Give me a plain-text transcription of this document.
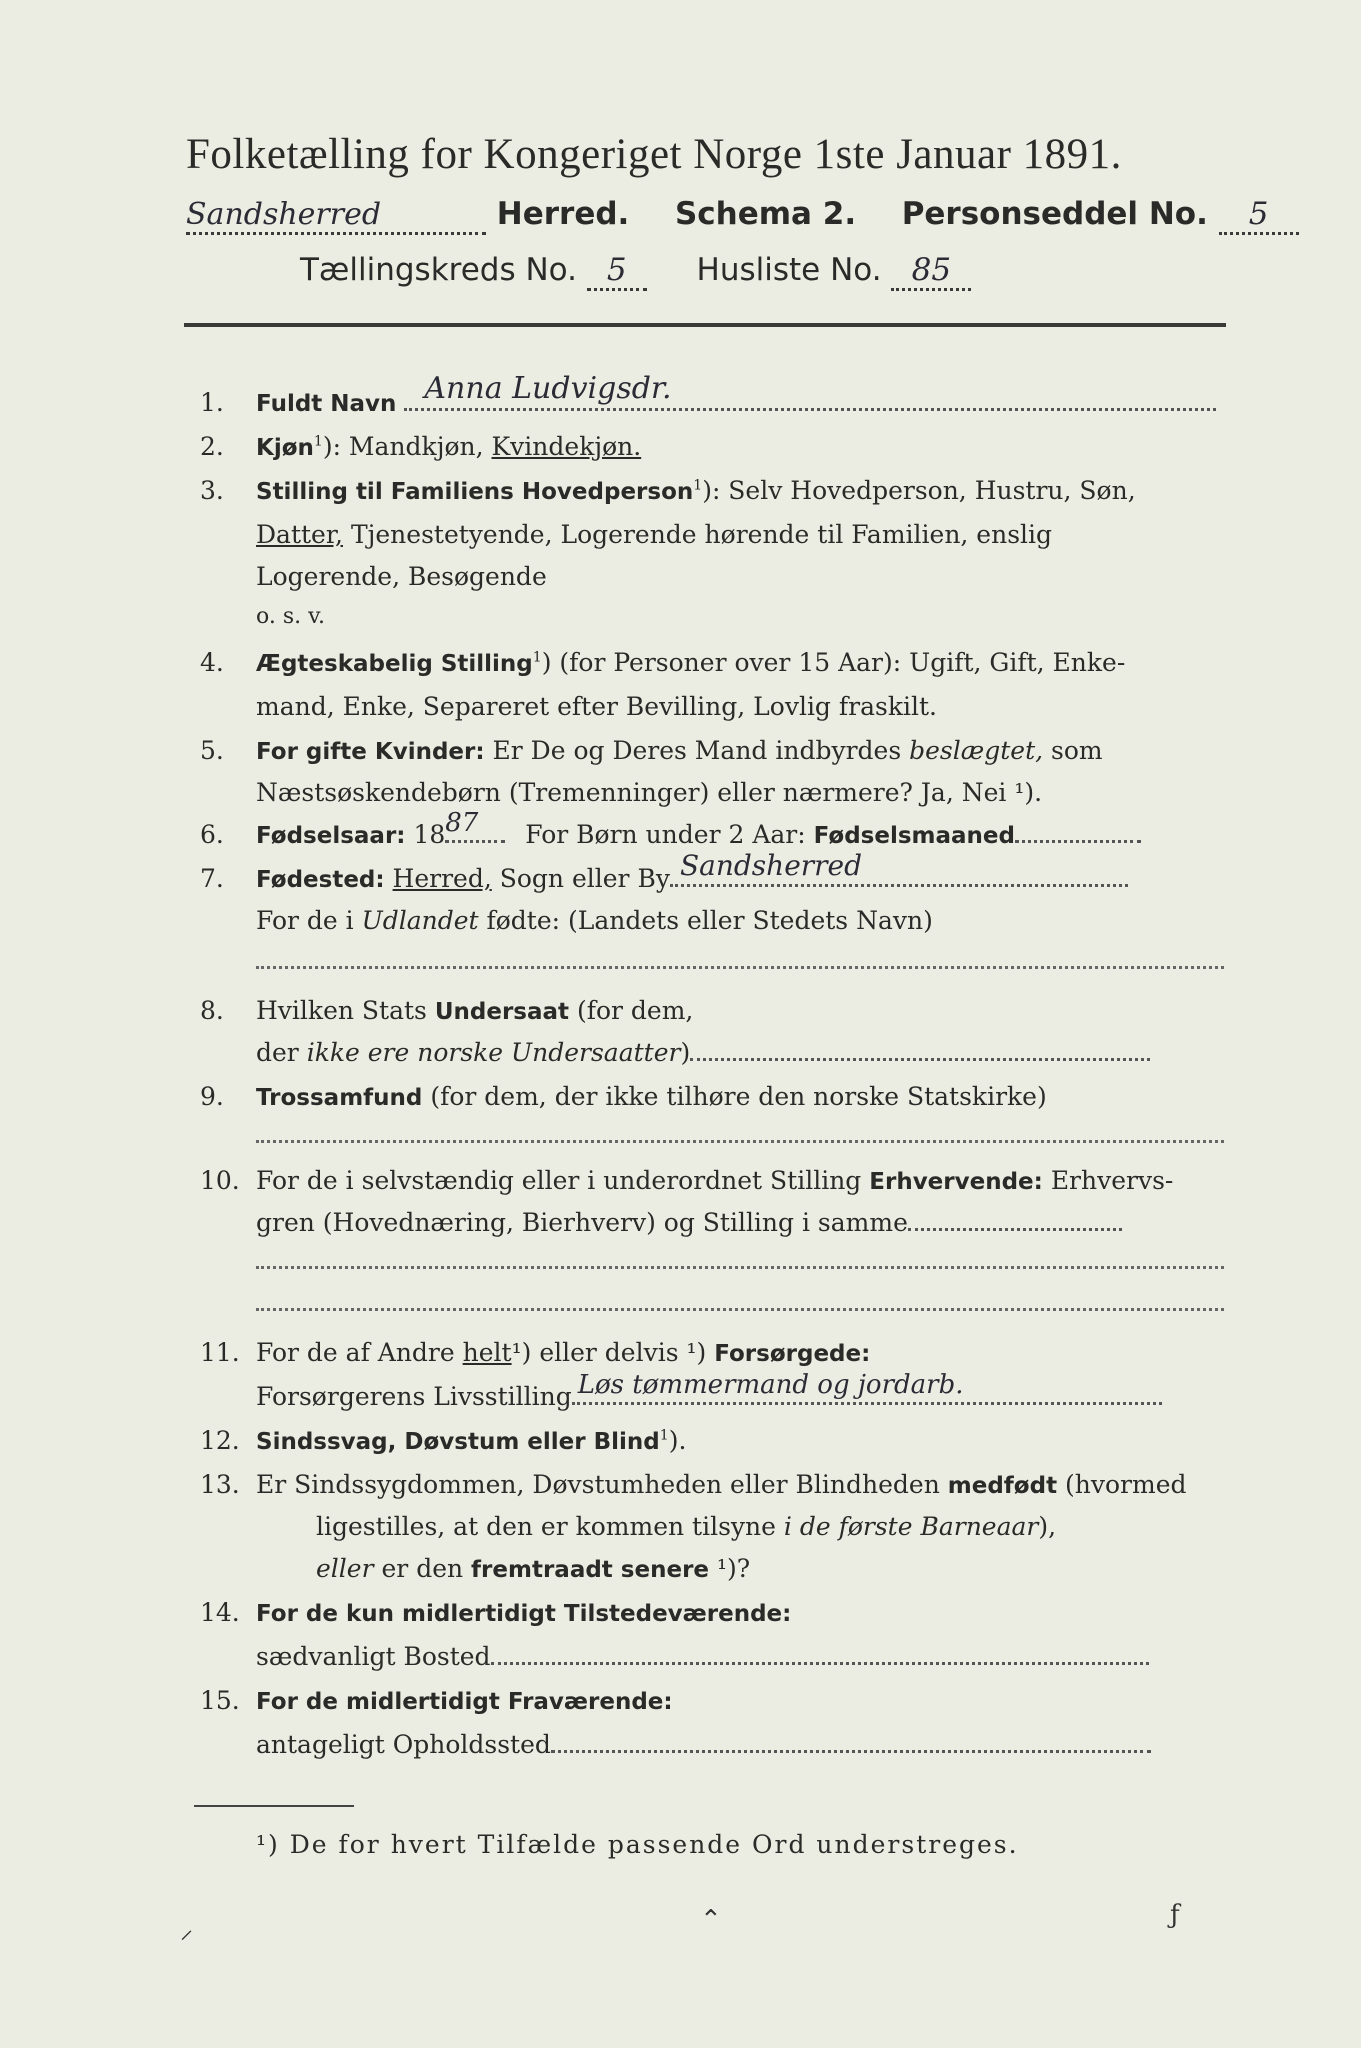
Folketælling for Kongeriget Norge 1ste Januar 1891.
Sandsherred	Herred. Schema 2. Personseddel No. 5
Tællingskreds No. 5 Husliste No. 85
1.	Fuldt Navn Anna Ludvigsdr.
2.	Kjøn$^1$): Mandkjøn, Kvindekjøn.
3.	Stilling til Familiens Hovedperson$^1$): Selv Hovedperson, Hustru, Søn,
Datter, Tjenestetyende, Logerende hørende til Familien, enslig
Logerende, Besøgende
o. s. v.
4.	Ægteskabelig Stilling$^1$) (for Personer over 15 Aar): Ugift, Gift, Enke-
mand, Enke, Separeret efter Bevilling, Lovlig fraskilt.
5.	For gifte Kvinder: Er De og Deres Mand indbyrdes beslægtet, som
Næstsøskendebørn (Tremenninger) eller nærmere? Ja, Nei ¹).
6.	Fødselsaar: 18 87 For Børn under 2 Aar: Fødselsmaaned
7.	Fødested: Herred, Sogn eller By Sandsherred
For de i Udlandet fødte: (Landets eller Stedets Navn)
8.	Hvilken Stats Undersaat (for dem,
der ikke ere norske Undersaatter)
9.	Trossamfund (for dem, der ikke tilhøre den norske Statskirke)
10. For de i selvstændig eller i underordnet Stilling Erhvervende: Erhvervs-
gren (Hovednæring, Bierhverv) og Stilling i samme
11. For de af Andre helt¹) eller delvis ¹) Forsørgede:
Forsørgerens Livsstilling Løs tømmermand og jordarb.
12. Sindssvag, Døvstum eller Blind$^1$).
13. Er Sindssygdommen, Døvstumheden eller Blindheden medfødt (hvormed
ligestilles, at den er kommen tilsyne i de første Barneaar),
eller er den fremtraadt senere ¹)?
14. For de kun midlertidigt Tilstedeværende:
sædvanligt Bosted
15. For de midlertidigt Fraværende:
antageligt Opholdssted
¹) De for hvert Tilfælde passende Ord understreges.
⸝	⌃	ƒ
